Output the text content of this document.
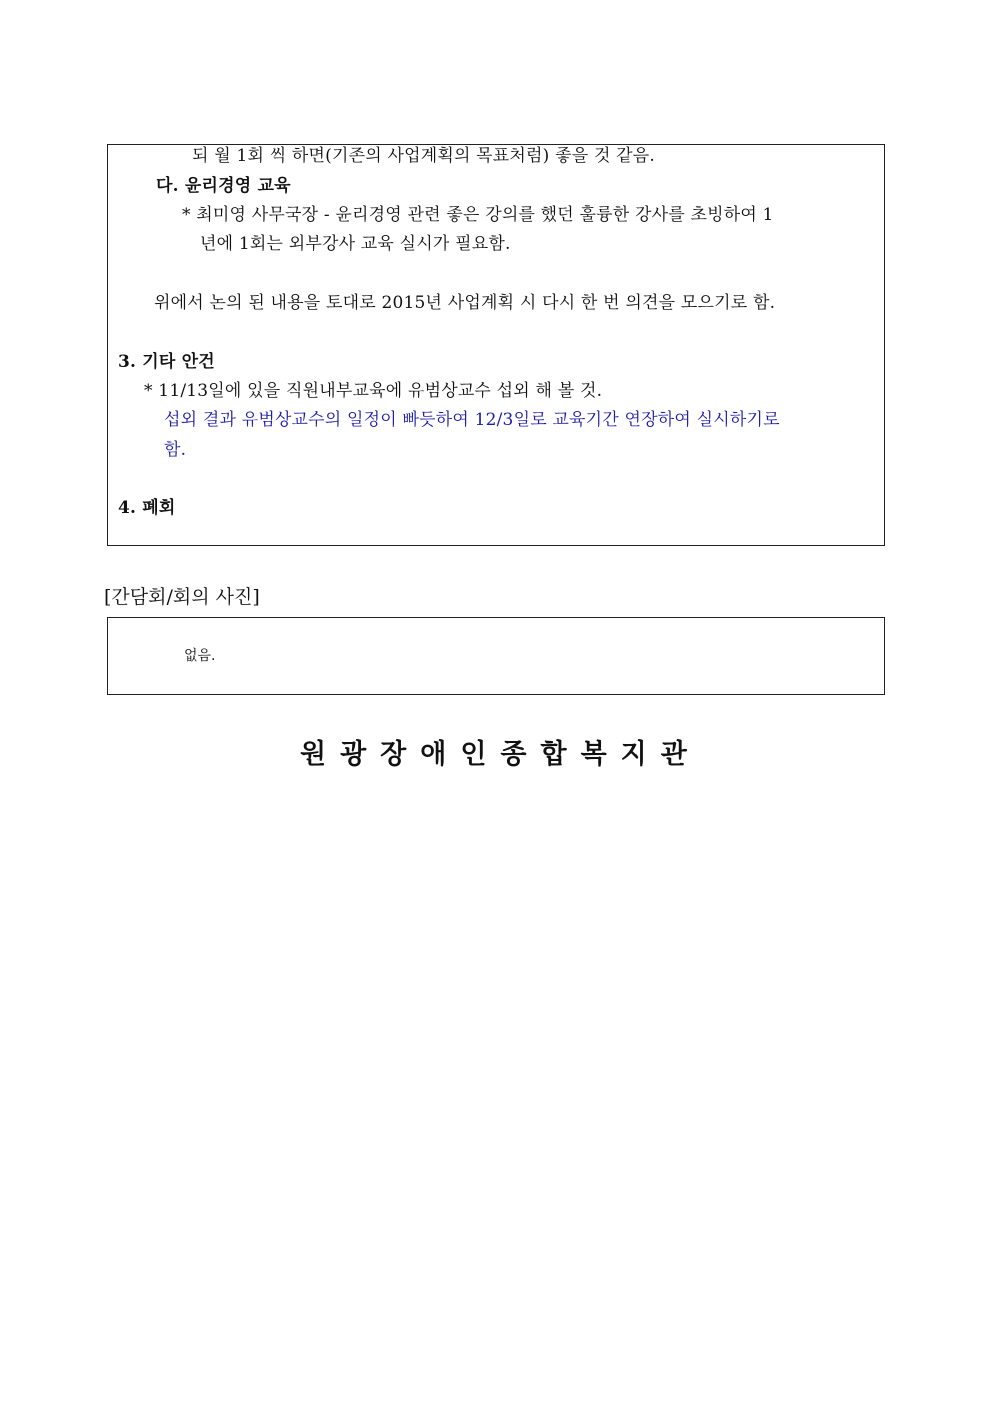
되 월 1회 씩 하면(기존의 사업계획의 목표처럼) 좋을 것 같음.
다. 윤리경영 교육
* 최미영 사무국장 - 윤리경영 관련 좋은 강의를 했던 훌륭한 강사를 초빙하여 1
년에 1회는 외부강사 교육 실시가 필요함.
위에서 논의 된 내용을 토대로 2015년 사업계획 시 다시 한 번 의견을 모으기로 함.
3. 기타 안건
* 11/13일에 있을 직원내부교육에 유범상교수 섭외 해 볼 것.
섭외 결과 유범상교수의 일정이 빠듯하여 12/3일로 교육기간 연장하여 실시하기로
함.
4. 폐회
[간담회/회의 사진]
없음.
원광장애인종합복지관
